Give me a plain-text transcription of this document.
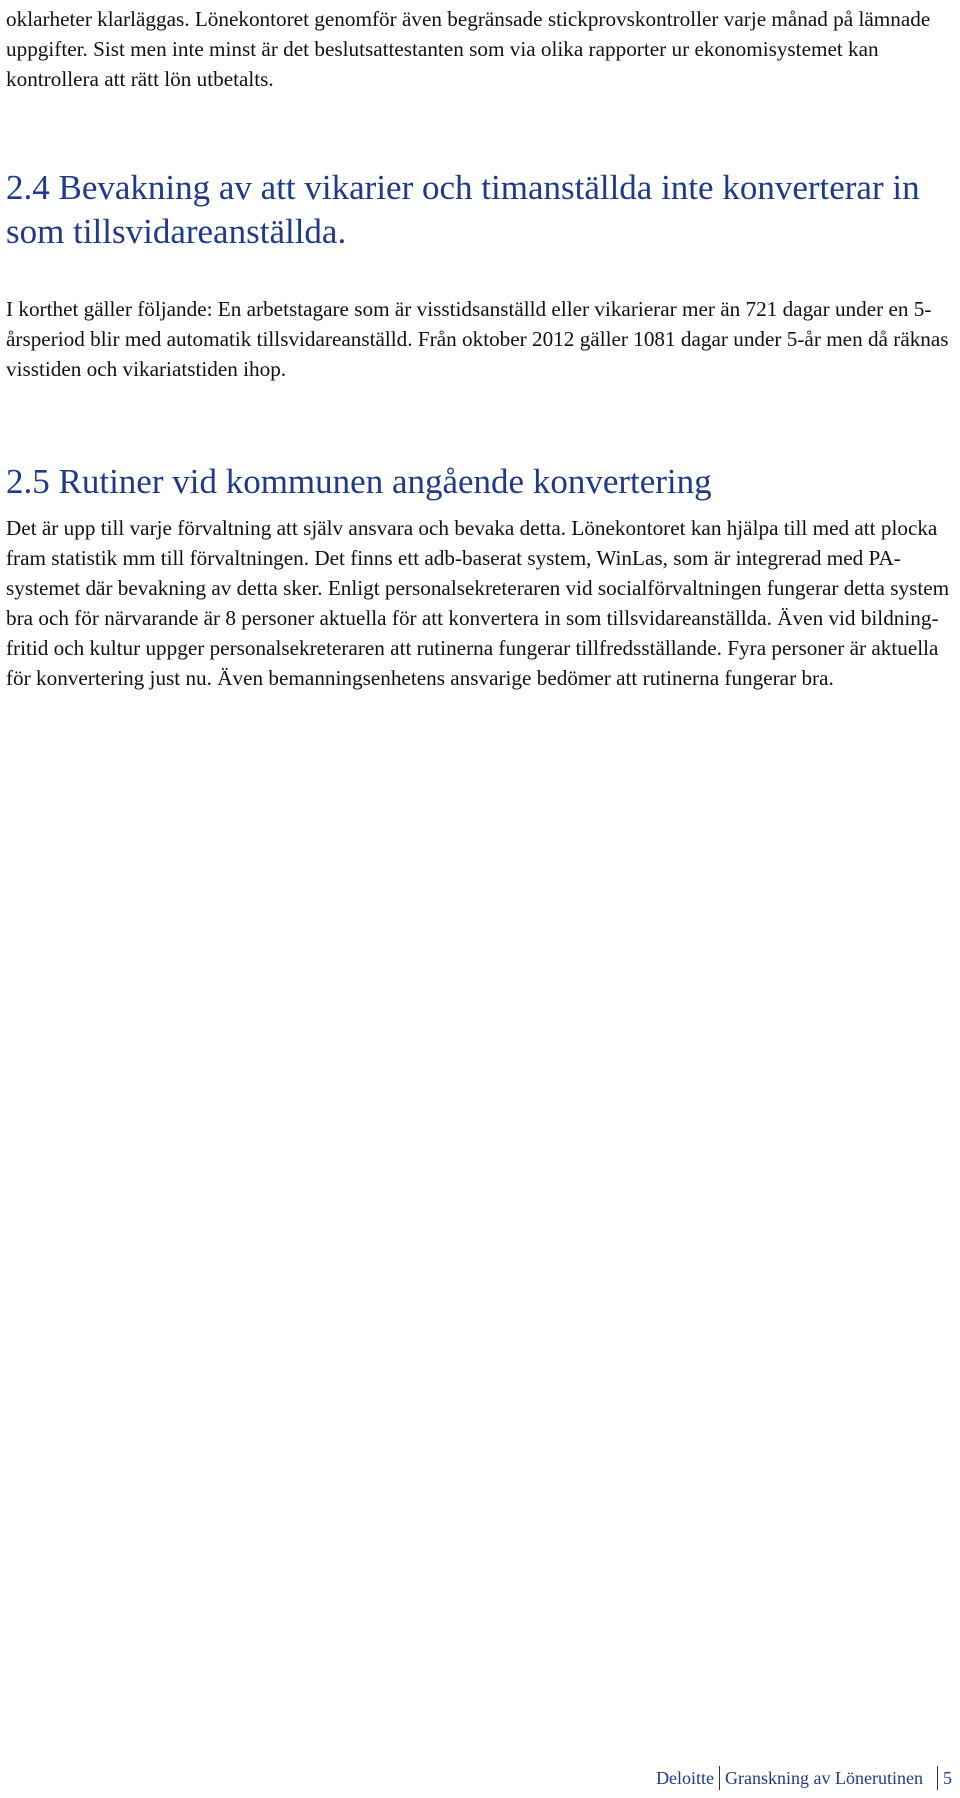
oklarheter klarläggas. Lönekontoret genomför även begränsade stickprovskontroller varje månad på lämnade uppgifter. Sist men inte minst är det beslutsattestanten som via olika rapporter ur ekonomisystemet kan kontrollera att rätt lön utbetalts.

2.4 Bevakning av att vikarier och timanställda inte konverterar in som tillsvidareanställda.

I korthet gäller följande: En arbetstagare som är visstidsanställd eller vikarierar mer än 721 dagar under en 5-årsperiod blir med automatik tillsvidareanställd. Från oktober 2012 gäller 1081 dagar under 5-år men då räknas visstiden och vikariatstiden ihop.

2.5 Rutiner vid kommunen angående konvertering

Det är upp till varje förvaltning att själv ansvara och bevaka detta. Lönekontoret kan hjälpa till med att plocka fram statistik mm till förvaltningen. Det finns ett adb-baserat system, WinLas, som är integrerad med PA-systemet där bevakning av detta sker. Enligt personalsekreteraren vid socialförvaltningen fungerar detta system bra och för närvarande är 8 personer aktuella för att konvertera in som tillsvidareanställda. Även vid bildning-fritid och kultur uppger personalsekreteraren att rutinerna fungerar tillfredsställande. Fyra personer är aktuella för konvertering just nu. Även bemanningsenhetens ansvarige bedömer att rutinerna fungerar bra.

Deloitte Granskning av Lönerutinen 5
